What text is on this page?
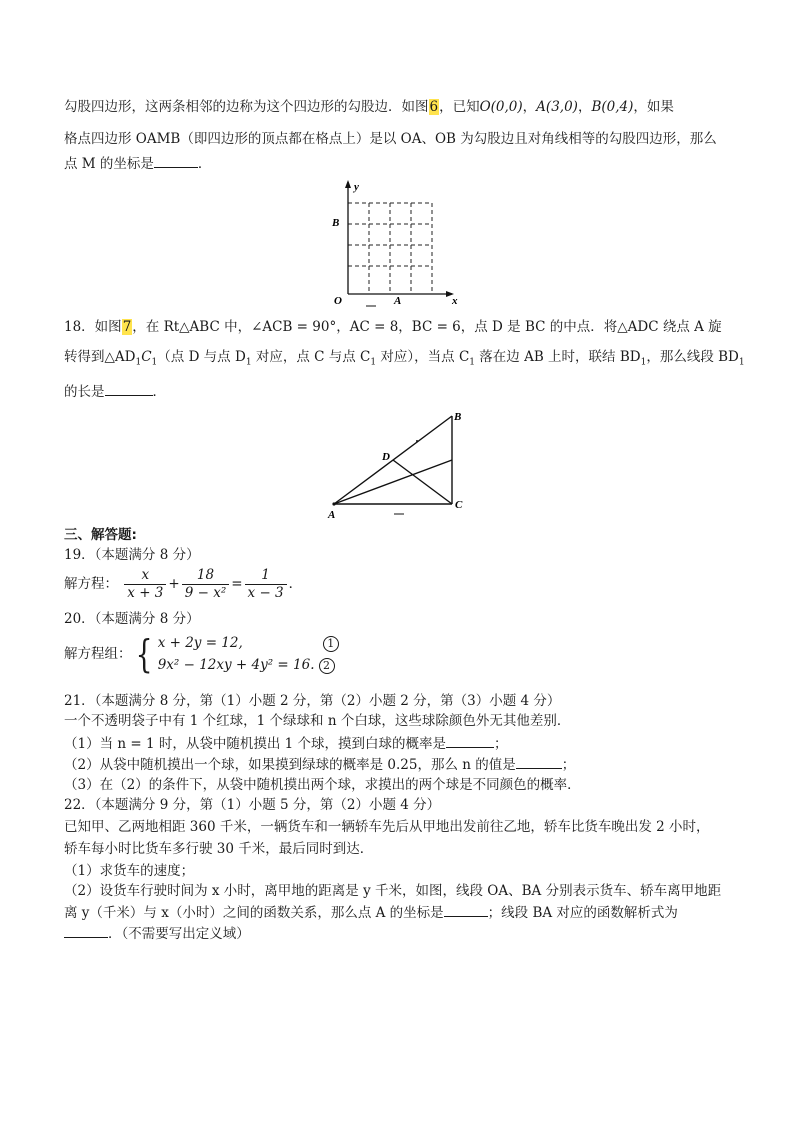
勾股四边形，这两条相邻的边称为这个四边形的勾股边．如图6，已知O(0,0)，A(3,0)，B(0,4)，如果
格点四边形 OAMB（即四边形的顶点都在格点上）是以 OA、OB 为勾股边且对角线相等的勾股四边形，那么
点 M 的坐标是	．
y
x
B
O	A
18．如图7，在 Rt△ABC 中，∠ACB = 90°，AC = 8，BC = 6，点 D 是 BC 的中点．将△ADC 绕点 A 旋
转得到$\triangle AD_1C_1$（点 D 与点 $D_1$ 对应，点 C 与点 $C_1$ 对应），当点 $C_1$ 落在边 AB 上时，联结 $BD_1$，那么线段 $BD_1$
的长是	．
A
B
C
D
三、解答题:
19．（本题满分 8 分）
解方程： $\frac{x}{x + 3} + \frac{18}{\text{9 − x²}} = \frac{1}{x - 3}$ ．
20．（本题满分 8 分）
解方程组：{ x + 2y = 12,	1
9x² − 12xy + 4y² = 16. 2
21．（本题满分 8 分，第（1）小题 2 分，第（2）小题 2 分，第（3）小题 4 分）
一个不透明袋子中有 1 个红球，1 个绿球和 n 个白球，这些球除颜色外无其他差别．
（1）当 n = 1 时，从袋中随机摸出 1 个球，摸到白球的概率是	；
（2）从袋中随机摸出一个球，如果摸到绿球的概率是 0.25，那么 n 的值是	；
（3）在（2）的条件下，从袋中随机摸出两个球，求摸出的两个球是不同颜色的概率．
22．（本题满分 9 分，第（1）小题 5 分，第（2）小题 4 分）
已知甲、乙两地相距 360 千米，一辆货车和一辆轿车先后从甲地出发前往乙地，轿车比货车晚出发 2 小时，
轿车每小时比货车多行驶 30 千米，最后同时到达．
（1）求货车的速度；
（2）设货车行驶时间为 x 小时，离甲地的距离是 y 千米，如图，线段 OA、BA 分别表示货车、轿车离甲地距
离 y（千米）与 x（小时）之间的函数关系，那么点 A 的坐标是	；线段 BA 对应的函数解析式为
．（不需要写出定义域）
